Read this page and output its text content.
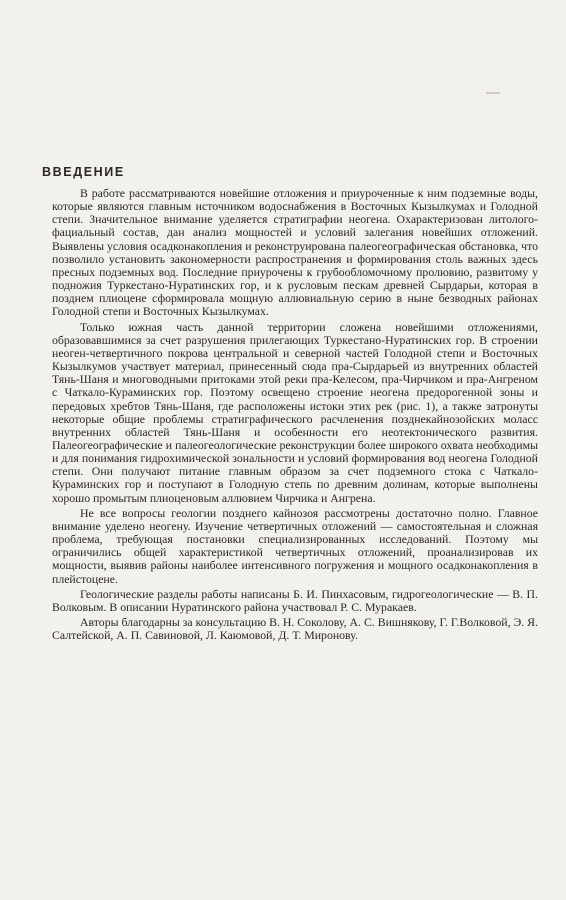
ВВЕДЕНИЕ

В работе рассматриваются новейшие отложения и приуроченные к ним подземные воды, которые являются главным источником водоснабжения в Восточных Кызылкумах и Голодной степи. Значительное внимание уделяется стратиграфии неогена. Охарактеризован литолого-фациальный состав, дан анализ мощностей и условий залегания новейших отложений. Выявлены условия осадконакопления и реконструирована палеогеографическая обстановка, что позволило установить закономерности распространения и формирования столь важных здесь пресных подземных вод. Последние приурочены к грубообломочному пролювию, развитому у подножия Туркестано-Нуратинских гор, и к русловым пескам древней Сырдарьи, которая в позднем плиоцене сформировала мощную аллювиальную серию в ныне безводных районах Голодной степи и Восточных Кызылкумах.

Только южная часть данной территории сложена новейшими отложениями, образовавшимися за счет разрушения прилегающих Туркестано-Нуратинских гор. В строении неоген-четвертичного покрова центральной и северной частей Голодной степи и Восточных Кызылкумов участвует материал, принесенный сюда пра-Сырдарьей из внутренних областей Тянь-Шаня и многоводными притоками этой реки пра-Келесом, пра-Чирчиком и пра-Ангреном с Чаткало-Кураминских гор. Поэтому освещено строение неогена предорогенной зоны и передовых хребтов Тянь-Шаня, где расположены истоки этих рек (рис. 1), а также затронуты некоторые общие проблемы стратиграфического расчленения позднекайнозойских моласс внутренних областей Тянь-Шаня и особенности его неотектонического развития. Палеогеографические и палеогеологические реконструкции более широкого охвата необходимы и для понимания гидрохимической зональности и условий формирования вод неогена Голодной степи. Они получают питание главным образом за счет подземного стока с Чаткало-Кураминских гор и поступают в Голодную степь по древним долинам, которые выполнены хорошо промытым плиоценовым аллювием Чирчика и Ангрена.

Не все вопросы геологии позднего кайнозоя рассмотрены достаточно полно. Главное внимание уделено неогену. Изучение четвертичных отложений — самостоятельная и сложная проблема, требующая постановки специализированных исследований. Поэтому мы ограничились общей характеристикой четвертичных отложений, проанализировав их мощности, выявив районы наиболее интенсивного погружения и мощного осадконакопления в плейстоцене.

Геологические разделы работы написаны Б. И. Пинхасовым, гидрогеологические — В. П. Волковым. В описании Нуратинского района участвовал Р. С. Муракаев.

Авторы благодарны за консультацию В. Н. Соколову, А. С. Вишнякову, Г. Г.Волковой, Э. Я. Салтейской, А. П. Савиновой, Л. Каюмовой, Д. Т. Миронову.
